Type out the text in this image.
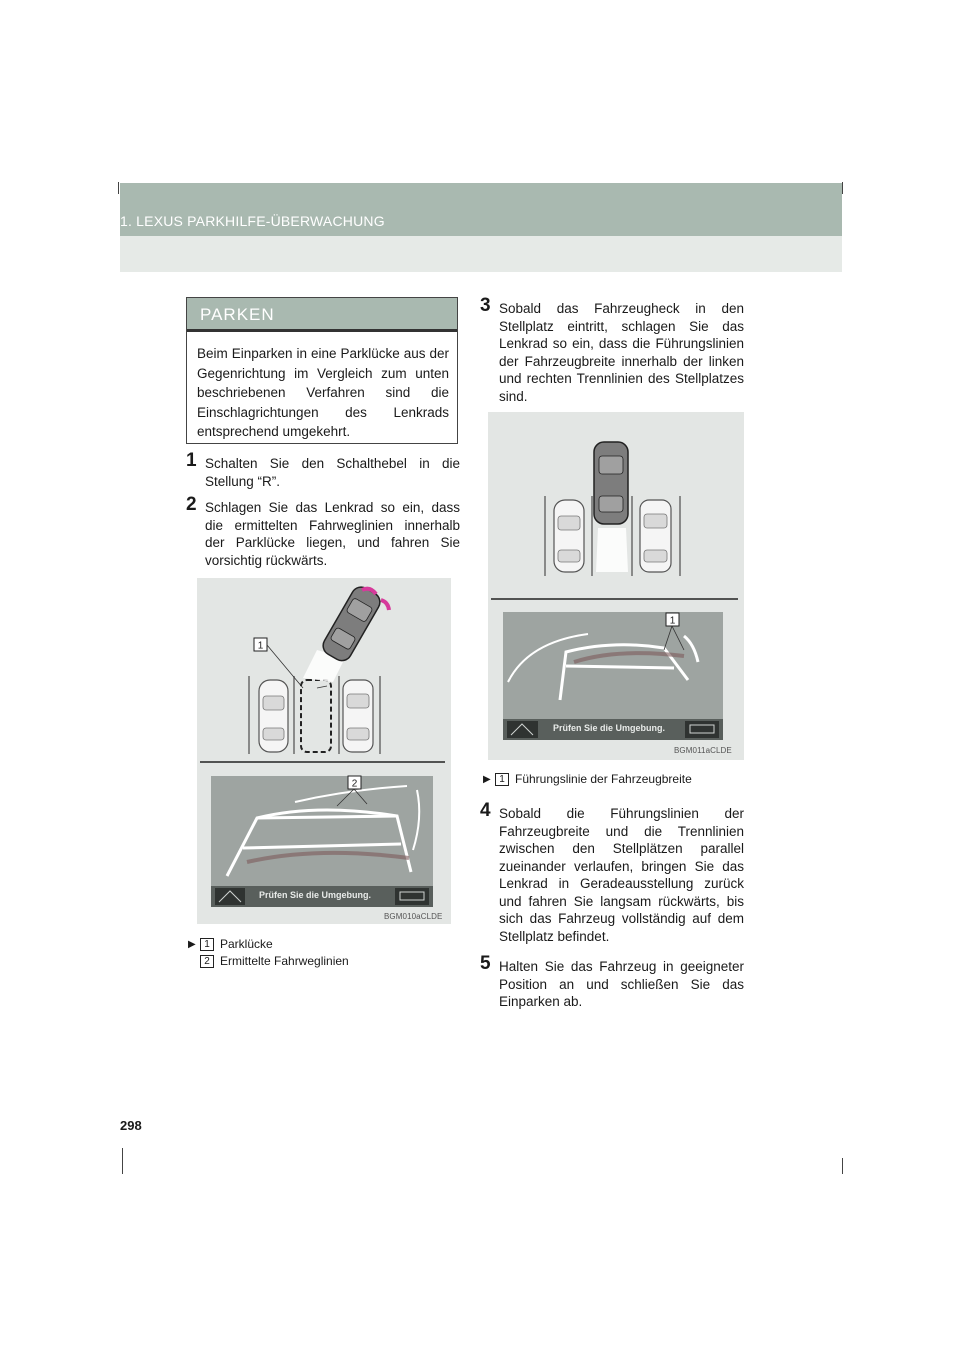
1. LEXUS PARKHILFE-ÜBERWACHUNG
PARKEN
Beim Einparken in eine Parklücke aus der Gegenrichtung im Vergleich zum unten beschriebenen Verfahren sind die Einschlagrichtungen des Lenkrads entsprechend umgekehrt.
1 Schalten Sie den Schalthebel in die Stellung “R”.
2 Schlagen Sie das Lenkrad so ein, dass die ermittelten Fahrweglinien innerhalb der Parklücke liegen, und fahren Sie vorsichtig rückwärts.
1
2
Prüfen Sie die Umgebung.
BGM010aCLDE
▶ 1 Parklücke
2 Ermittelte Fahrweglinien
3 Sobald das Fahrzeugheck in den Stellplatz eintritt, schlagen Sie das Lenkrad so ein, dass die Führungslinien der Fahrzeugbreite innerhalb der linken und rechten Trennlinien des Stellplatzes sind.
1
Prüfen Sie die Umgebung.
BGM011aCLDE
▶ 1 Führungslinie der Fahrzeugbreite
4 Sobald die Führungslinien der Fahrzeugbreite und die Trennlinien zwischen den Stellplätzen parallel zueinander verlaufen, bringen Sie das Lenkrad in Geradeausstellung zurück und fahren Sie langsam rückwärts, bis sich das Fahrzeug vollständig auf dem Stellplatz befindet.
5 Halten Sie das Fahrzeug in geeigneter Position an und schließen Sie das Einparken ab.
298
